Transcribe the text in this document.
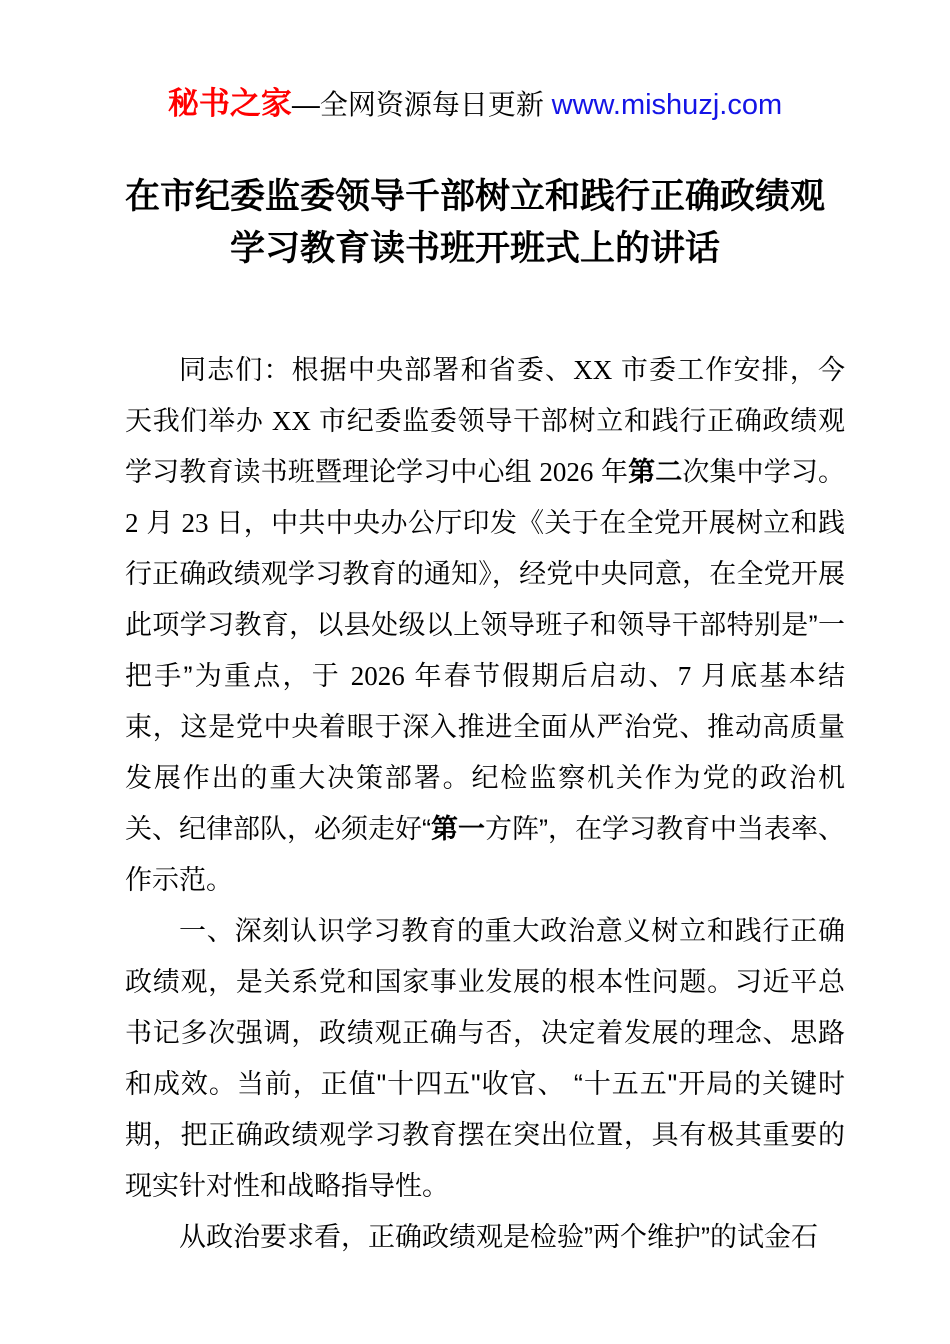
秘书之家—全网资源每日更新 www.mishuzj.com
在市纪委监委领导千部树立和践行正确政绩观
学习教育读书班开班式上的讲话

同志们：根据中央部署和省委、XX 市委工作安排，今天我们举办 XX 市纪委监委领导干部树立和践行正确政绩观学习教育读书班暨理论学习中心组 2026 年第二次集中学习。2 月 23 日，中共中央办公厅印发《关于在全党开展树立和践行正确政绩观学习教育的通知》，经党中央同意，在全党开展此项学习教育，以县处级以上领导班子和领导干部特别是”一把手”为重点，于 2026 年春节假期后启动、7 月底基本结束，这是党中央着眼于深入推进全面从严治党、推动高质量发展作出的重大决策部署。纪检监察机关作为党的政治机关、纪律部队，必须走好“第一方阵”，在学习教育中当表率、作示范。

一、深刻认识学习教育的重大政治意义树立和践行正确政绩观，是关系党和国家事业发展的根本性问题。习近平总书记多次强调，政绩观正确与否，决定着发展的理念、思路和成效。当前，正值"十四五"收官、 “十五五"开局的关键时期，把正确政绩观学习教育摆在突出位置，具有极其重要的现实针对性和战略指导性。

从政治要求看，正确政绩观是检验”两个维护”的试金石
